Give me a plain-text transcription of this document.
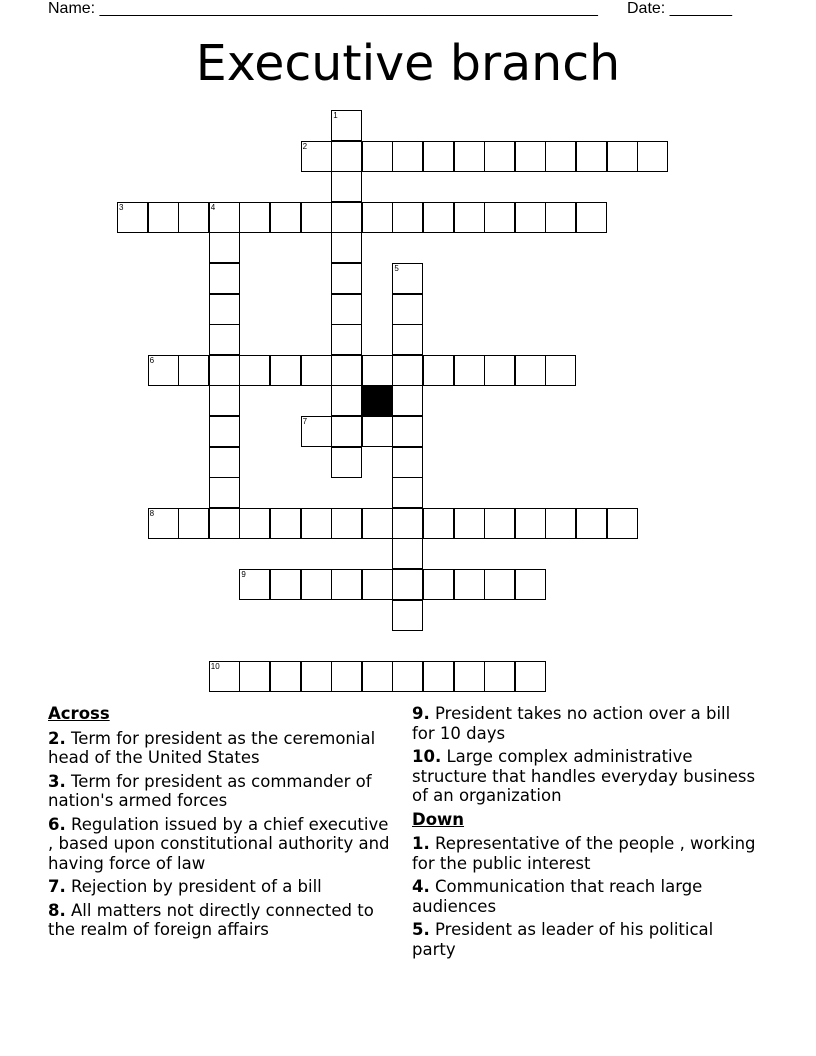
Name: ________________________________________________________ Date: _______
Executive branch
1
2
3	4
5
6
7
8
9
10
Across
2. Term for president as the ceremonial head of the United States
3. Term for president as commander of nation's armed forces
6. Regulation issued by a chief executive , based upon constitutional authority and having force of law
7. Rejection by president of a bill
8. All matters not directly connected to the realm of foreign affairs
9. President takes no action over a bill for 10 days
10. Large complex administrative structure that handles everyday business of an organization
Down
1. Representative of the people , working for the public interest
4. Communication that reach large audiences
5. President as leader of his political party
